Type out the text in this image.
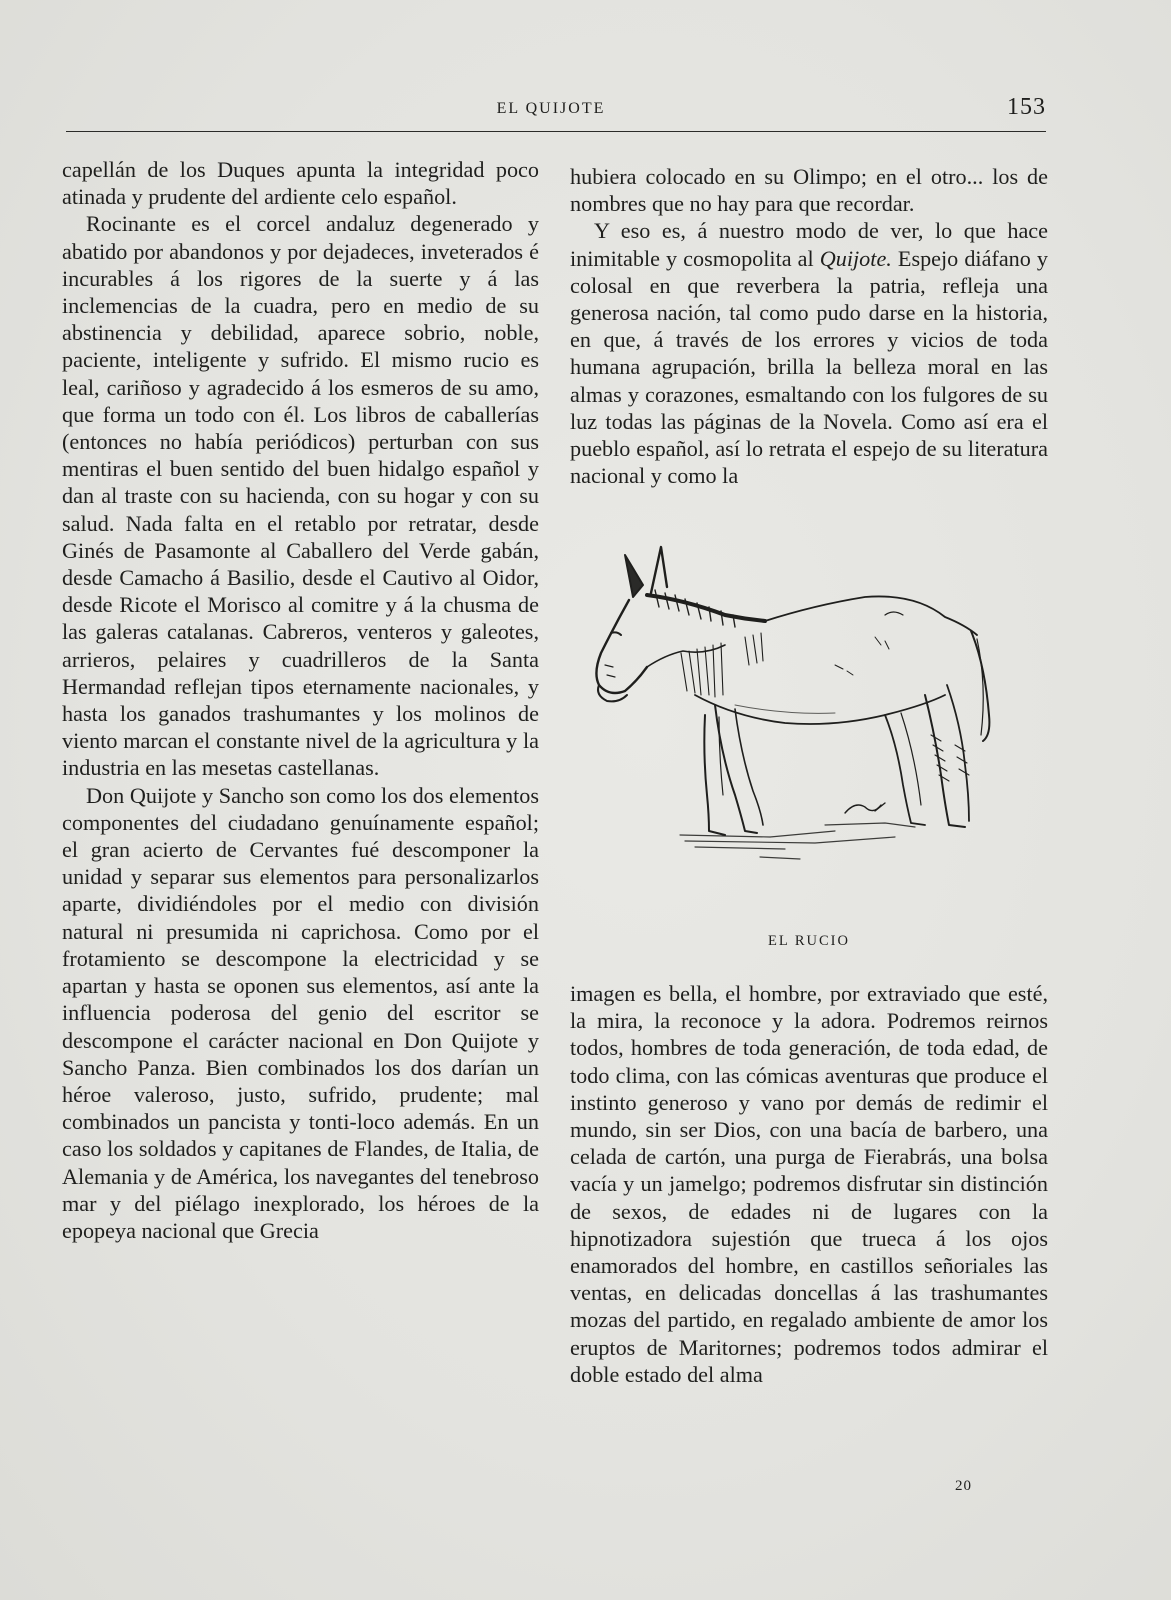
EL QUIJOTE	153

capellán de los Duques apunta la integridad poco atinada y prudente del ardiente celo español.

Rocinante es el corcel andaluz degenerado y abatido por abandonos y por dejadeces, inveterados é incurables á los rigores de la suerte y á las inclemencias de la cuadra, pero en medio de su abstinencia y debilidad, aparece sobrio, noble, paciente, inteligente y sufrido. El mismo rucio es leal, cariñoso y agradecido á los esmeros de su amo, que forma un todo con él. Los libros de caballerías (entonces no había periódicos) perturban con sus mentiras el buen sentido del buen hidalgo español y dan al traste con su hacienda, con su hogar y con su salud. Nada falta en el retablo por retratar, desde Ginés de Pasamonte al Caballero del Verde gabán, desde Camacho á Basilio, desde el Cautivo al Oidor, desde Ricote el Morisco al comitre y á la chusma de las galeras catalanas. Cabreros, venteros y galeotes, arrieros, pelaires y cuadrilleros de la Santa Hermandad reflejan tipos eternamente nacionales, y hasta los ganados trashumantes y los molinos de viento marcan el constante nivel de la agricultura y la industria en las mesetas castellanas.

Don Quijote y Sancho son como los dos elementos componentes del ciudadano genuínamente español; el gran acierto de Cervantes fué descomponer la unidad y separar sus elementos para personalizarlos aparte, dividiéndoles por el medio con división natural ni presumida ni caprichosa. Como por el frotamiento se descompone la electricidad y se apartan y hasta se oponen sus elementos, así ante la influencia poderosa del genio del escritor se descompone el carácter nacional en Don Quijote y Sancho Panza. Bien combinados los dos darían un héroe valeroso, justo, sufrido, prudente; mal combinados un pancista y tonti-loco además. En un caso los soldados y capitanes de Flandes, de Italia, de Alemania y de América, los navegantes del tenebroso mar y del piélago inexplorado, los héroes de la epopeya nacional que Grecia

hubiera colocado en su Olimpo; en el otro... los de nombres que no hay para que recordar.

Y eso es, á nuestro modo de ver, lo que hace inimitable y cosmopolita al Quijote. Espejo diáfano y colosal en que reverbera la patria, refleja una generosa nación, tal como pudo darse en la historia, en que, á través de los errores y vicios de toda humana agrupación, brilla la belleza moral en las almas y corazones, esmaltando con los fulgores de su luz todas las páginas de la Novela. Como así era el pueblo español, así lo retrata el espejo de su literatura nacional y como la

EL RUCIO

imagen es bella, el hombre, por extraviado que esté, la mira, la reconoce y la adora. Podremos reirnos todos, hombres de toda generación, de toda edad, de todo clima, con las cómicas aventuras que produce el instinto generoso y vano por demás de redimir el mundo, sin ser Dios, con una bacía de barbero, una celada de cartón, una purga de Fierabrás, una bolsa vacía y un jamelgo; podremos disfrutar sin distinción de sexos, de edades ni de lugares con la hipnotizadora sujestión que trueca á los ojos enamorados del hombre, en castillos señoriales las ventas, en delicadas doncellas á las trashumantes mozas del partido, en regalado ambiente de amor los eruptos de Maritornes; podremos todos admirar el doble estado del alma

20
